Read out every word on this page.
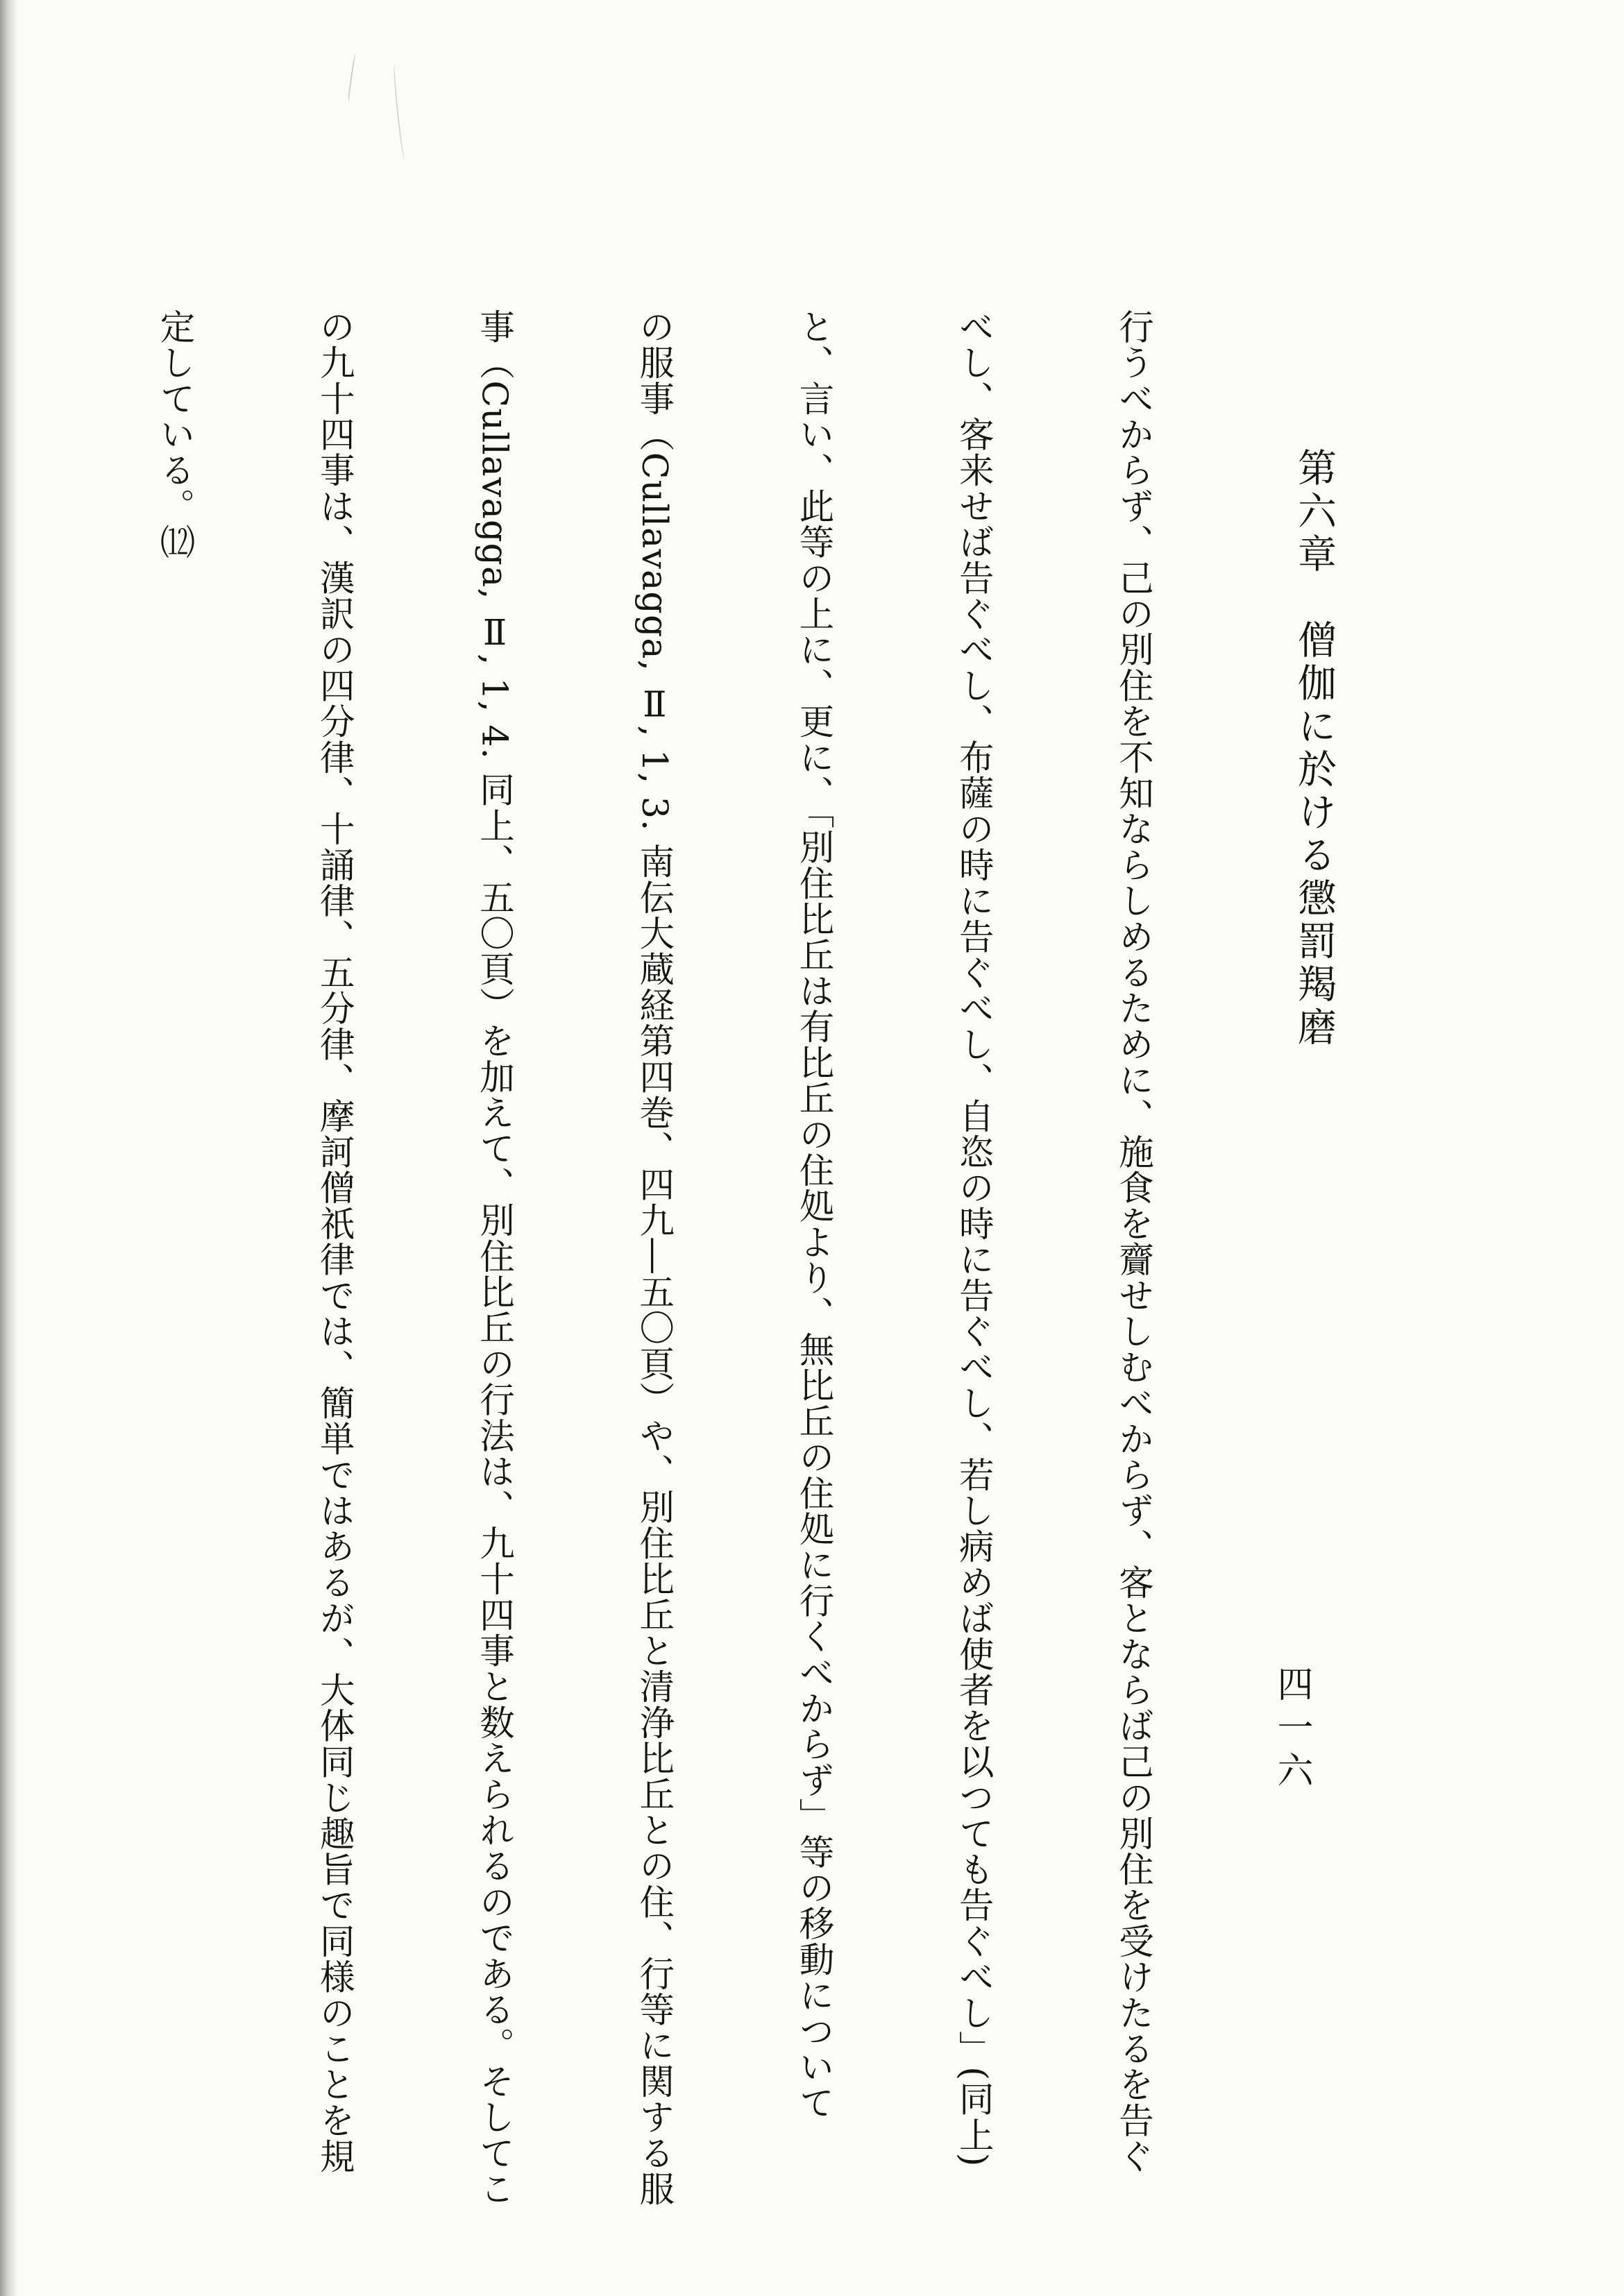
第六章　僧伽に於ける懲罰羯磨
四一六

行うべからず、己の別住を不知ならしめるために、施食を齎せしむべからず、客とならば己の別住を受けたるを告ぐ

べし、客来せば告ぐべし、布薩の時に告ぐべし、自恣の時に告ぐべし、若し病めば使者を以つても告ぐべし」(同上)

と、言い、此等の上に、更に、「別住比丘は有比丘の住処より、無比丘の住処に行くべからず」等の移動について

の服事（Cullavagga, Ⅱ, 1, 3. 南伝大蔵経第四巻、四九―五〇頁）や、別住比丘と清浄比丘との住、行等に関する服

事（Cullavagga, Ⅱ, 1, 4. 同上、五〇頁）を加えて、別住比丘の行法は、九十四事と数えられるのである。そしてこ

の九十四事は、漢訳の四分律、十誦律、五分律、摩訶僧祇律では、簡単ではあるが、大体同じ趣旨で同様のことを規

定している。⑿
